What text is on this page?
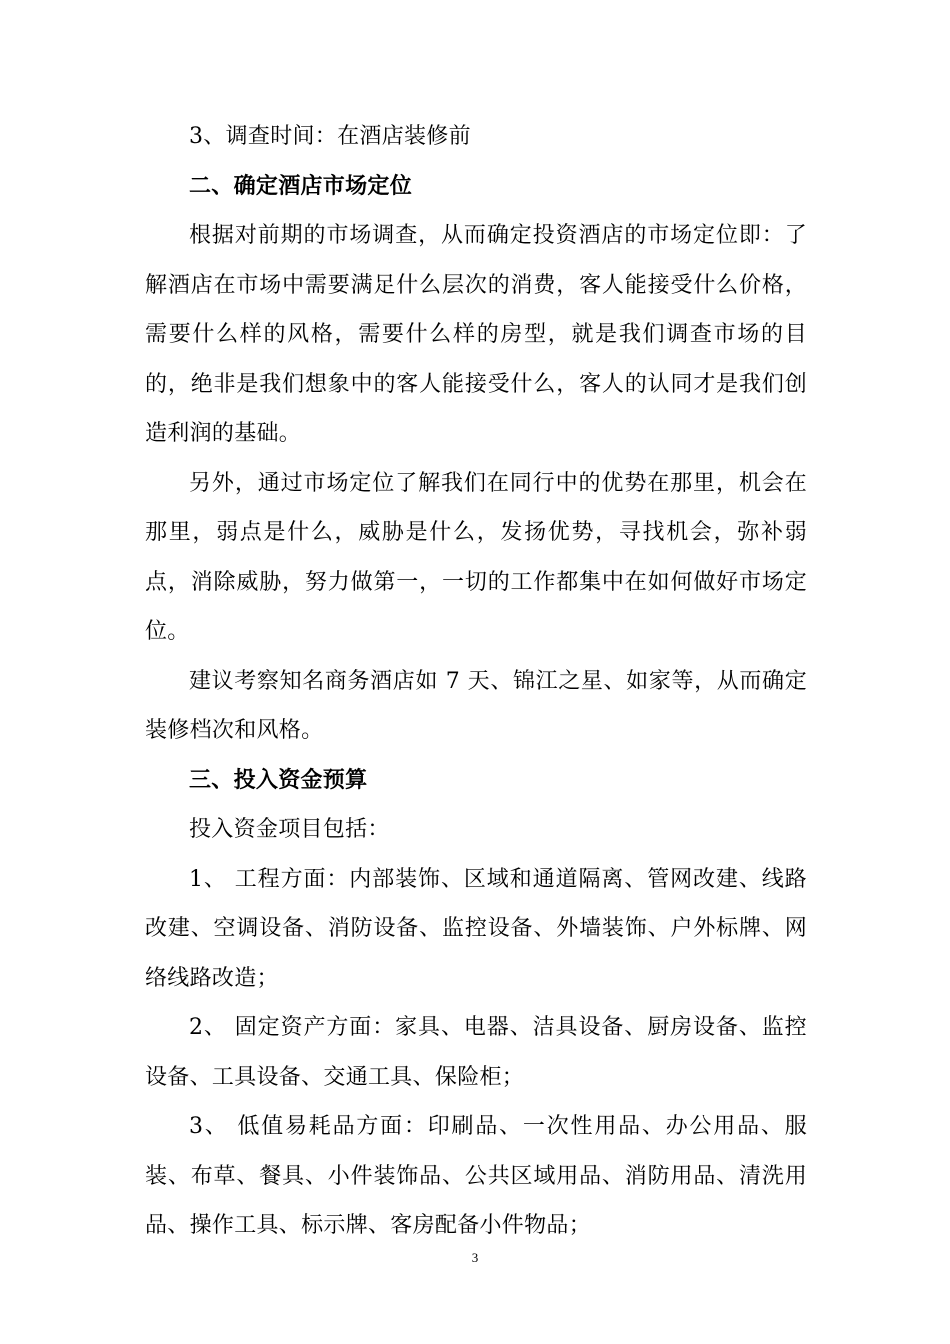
3、调查时间：在酒店装修前

二、确定酒店市场定位

根据对前期的市场调查，从而确定投资酒店的市场定位即：了解酒店在市场中需要满足什么层次的消费，客人能接受什么价格，需要什么样的风格，需要什么样的房型，就是我们调查市场的目的，绝非是我们想象中的客人能接受什么，客人的认同才是我们创造利润的基础。

另外，通过市场定位了解我们在同行中的优势在那里，机会在那里，弱点是什么，威胁是什么，发扬优势，寻找机会，弥补弱点，消除威胁，努力做第一，一切的工作都集中在如何做好市场定位。

建议考察知名商务酒店如 7 天、锦江之星、如家等，从而确定装修档次和风格。

三、投入资金预算

投入资金项目包括：

1、 工程方面：内部装饰、区域和通道隔离、管网改建、线路改建、空调设备、消防设备、监控设备、外墙装饰、户外标牌、网络线路改造；

2、 固定资产方面：家具、电器、洁具设备、厨房设备、监控设备、工具设备、交通工具、保险柜；

3、 低值易耗品方面：印刷品、一次性用品、办公用品、服装、布草、餐具、小件装饰品、公共区域用品、消防用品、清洗用品、操作工具、标示牌、客房配备小件物品；

3
